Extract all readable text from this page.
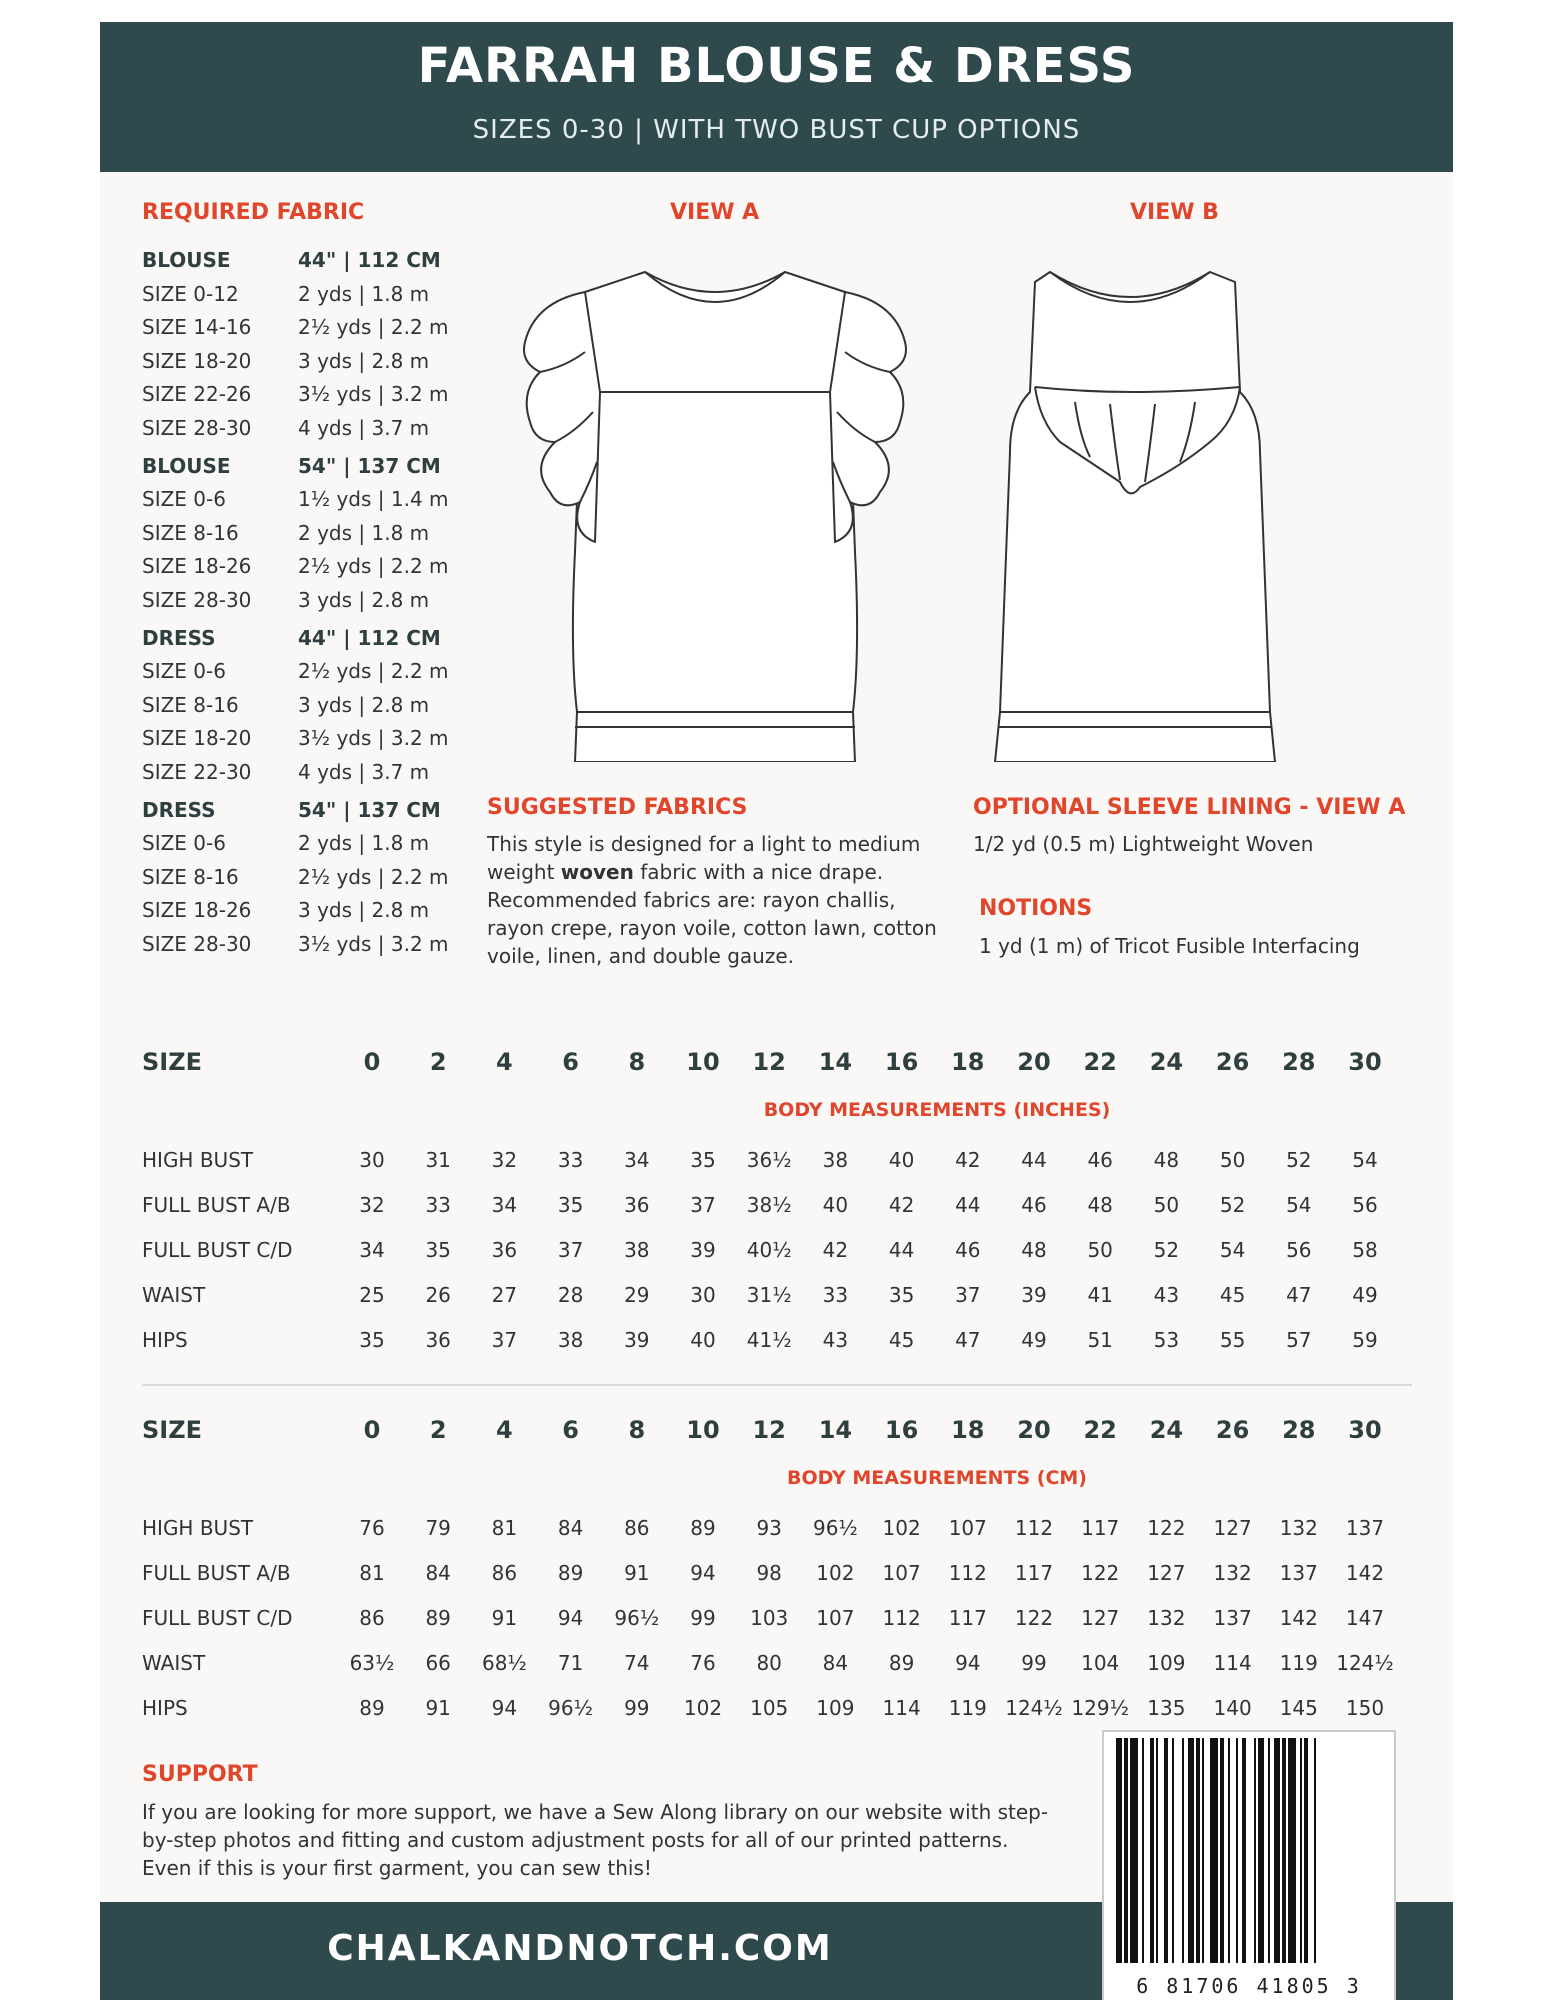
FARRAH BLOUSE & DRESS
SIZES 0-30 | WITH TWO BUST CUP OPTIONS
REQUIRED FABRIC
BLOUSE	44" | 112 CM
SIZE 0-12	2 yds | 1.8 m
SIZE 14-16 2½ yds | 2.2 m
SIZE 18-20 3 yds | 2.8 m
SIZE 22-26 3½ yds | 3.2 m
SIZE 28-30 4 yds | 3.7 m
BLOUSE	54" | 137 CM
SIZE 0-6	1½ yds | 1.4 m
SIZE 8-16	2 yds | 1.8 m
SIZE 18-26 2½ yds | 2.2 m
SIZE 28-30 3 yds | 2.8 m
DRESS	44" | 112 CM
SIZE 0-6	2½ yds | 2.2 m
SIZE 8-16	3 yds | 2.8 m
SIZE 18-20 3½ yds | 3.2 m
SIZE 22-30 4 yds | 3.7 m
DRESS	54" | 137 CM
SIZE 0-6	2 yds | 1.8 m
SIZE 8-16	2½ yds | 2.2 m
SIZE 18-26 3 yds | 2.8 m
SIZE 28-30 3½ yds | 3.2 m
VIEW A	VIEW B
SUGGESTED FABRICS
This style is designed for a light to medium weight woven fabric with a nice drape. Recommended fabrics are: rayon challis, rayon crepe, rayon voile, cotton lawn, cotton voile, linen, and double gauze.
OPTIONAL SLEEVE LINING - VIEW A
1/2 yd (0.5 m) Lightweight Woven
NOTIONS
1 yd (1 m) of Tricot Fusible Interfacing
SIZE	0	2	4	6	8	10	12	14	16	18	20	22	24	26	28	30
BODY MEASUREMENTS (INCHES)
HIGH BUST	30	31	32	33	34	35	36½	38	40	42	44	46	48	50	52	54
FULL BUST A/B	32	33	34	35	36	37	38½	40	42	44	46	48	50	52	54	56
FULL BUST C/D	34	35	36	37	38	39	40½	42	44	46	48	50	52	54	56	58
WAIST	25	26	27	28	29	30	31½	33	35	37	39	41	43	45	47	49
HIPS	35	36	37	38	39	40	41½	43	45	47	49	51	53	55	57	59
SIZE	0	2	4	6	8	10	12	14	16	18	20	22	24	26	28	30
BODY MEASUREMENTS (CM)
HIGH BUST	76	79	81	84	86	89	93	96½	102	107	112	117	122	127	132	137
FULL BUST A/B	81	84	86	89	91	94	98	102	107	112	117	122	127	132	137	142
FULL BUST C/D	86	89	91	94	96½	99	103	107	112	117	122	127	132	137	142	147
WAIST	63½	66	68½	71	74	76	80	84	89	94	99	104	109	114	119 124½
HIPS	89	91	94	96½	99	102	105	109	114	119 124½ 129½ 135	140	145	150
SUPPORT
If you are looking for more support, we have a Sew Along library on our website with step-by-step photos and fitting and custom adjustment posts for all of our printed patterns. Even if this is your first garment, you can sew this!
CHALKANDNOTCH.COM
6 81706 41805 3
